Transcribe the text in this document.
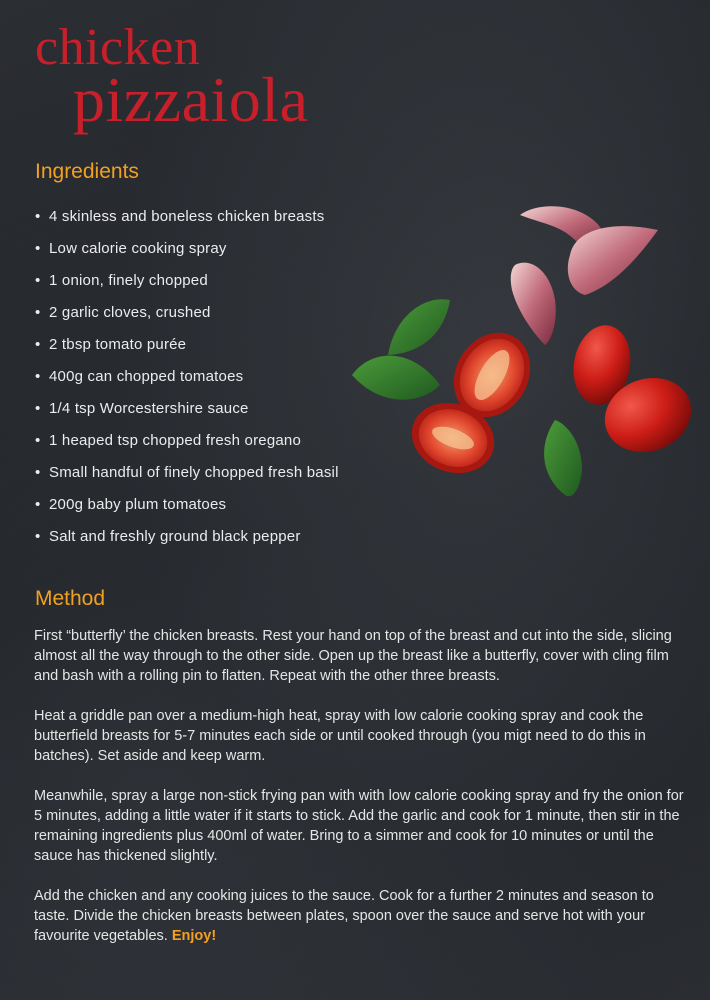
chicken
pizzaiola
Ingredients
• 4 skinless and boneless chicken breasts
• Low calorie cooking spray
• 1 onion, finely chopped
• 2 garlic cloves, crushed
• 2 tbsp tomato purée
• 400g can chopped tomatoes
• 1/4 tsp Worcestershire sauce
• 1 heaped tsp chopped fresh oregano
• Small handful of finely chopped fresh basil
• 200g baby plum tomatoes
• Salt and freshly ground black pepper
Method

First “butterfly’ the chicken breasts. Rest your hand on top of the breast and cut into the side, slicing almost all the way through to the other side. Open up the breast like a butterfly, cover with cling film and bash with a rolling pin to flatten. Repeat with the other three breasts.

Heat a griddle pan over a medium-high heat, spray with low calorie cooking spray and cook the butterfield breasts for 5-7 minutes each side or until cooked through (you migt need to do this in batches). Set aside and keep warm.

Meanwhile, spray a large non-stick frying pan with with low calorie cooking spray and fry the onion for 5 minutes, adding a little water if it starts to stick. Add the garlic and cook for 1 minute, then stir in the remaining ingredients plus 400ml of water. Bring to a simmer and cook for 10 minutes or until the sauce has thickened slightly.

Add the chicken and any cooking juices to the sauce. Cook for a further 2 minutes and season to taste. Divide the chicken breasts between plates, spoon over the sauce and serve hot with your favourite vegetables. Enjoy!
